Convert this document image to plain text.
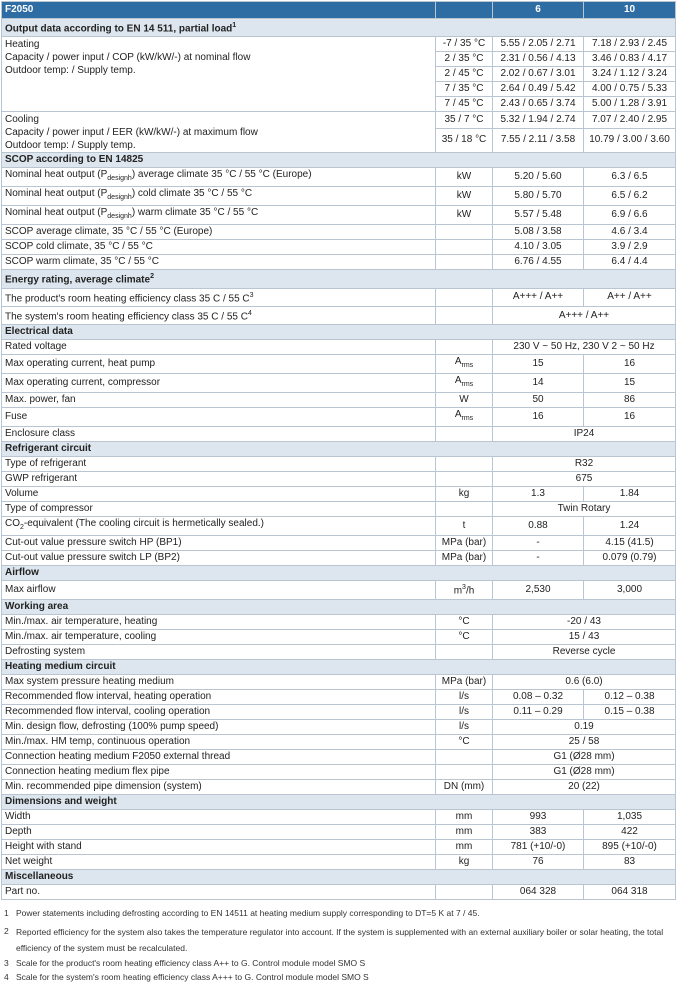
F2050		6	10
Output data according to EN 14 511, partial load$^1$

Heating
Capacity / power input / COP (kW/kW/-) at nominal flow
Outdoor temp: / Supply temp.	-7 / 35 °C	5.55 / 2.05 / 2.71	7.18 / 2.93 / 2.45
	2 / 35 °C	2.31 / 0.56 / 4.13	3.46 / 0.83 / 4.17
	2 / 45 °C	2.02 / 0.67 / 3.01	3.24 / 1.12 / 3.24
	7 / 35 °C	2.64 / 0.49 / 5.42	4.00 / 0.75 / 5.33
	7 / 45 °C	2.43 / 0.65 / 3.74	5.00 / 1.28 / 3.91

Cooling
Capacity / power input / EER (kW/kW/-) at maximum flow
Outdoor temp: / Supply temp.	35 / 7 °C	5.32 / 1.94 / 2.74	7.07 / 2.40 / 2.95
	35 / 18 °C	7.55 / 2.11 / 3.58	10.79 / 3.00 / 3.60
SCOP according to EN 14825			
Nominal heat output $(P_{designh})$ average climate 35 °C / 55 °C (Europe)	kW	5.20 / 5.60	6.3 / 6.5
Nominal heat output $(P_{designh})$ cold climate 35 °C / 55 °C	kW	5.80 / 5.70	6.5 / 6.2
Nominal heat output $(P_{designh})$ warm climate 35 °C / 55 °C	kW	5.57 / 5.48	6.9 / 6.6
SCOP average climate, 35 °C / 55 °C (Europe)		5.08 / 3.58	4.6 / 3.4
SCOP cold climate, 35 °C / 55 °C		4.10 / 3.05	3.9 / 2.9
SCOP warm climate, 35 °C / 55 °C		6.76 / 4.55	6.4 / 4.4
Energy rating, average climate$^2$
The product's room heating efficiency class 35 C / 55 $C^3$		A+++ / A++	A++ / A++
The system's room heating efficiency class 35 C / 55 $C^4$		A+++ / A++	
Electrical data			
Rated voltage		230 V ~ 50 Hz, 230 V 2 ~ 50 Hz	
Max operating current, heat pump	$A_{rms}$	15	16
Max operating current, compressor	$A_{rms}$	14	15
Max. power, fan	W	50	86
Fuse	$A_{rms}$	16	16
Enclosure class		IP24	
Refrigerant circuit			
Type of refrigerant		R32	
GWP refrigerant		675	
Volume	kg	1.3	1.84
Type of compressor		Twin Rotary	
$CO_2$-equivalent (The cooling circuit is hermetically sealed.)	t	0.88	1.24
Cut-out value pressure switch HP (BP1)	MPa (bar)	-	4.15 (41.5)
Cut-out value pressure switch LP (BP2)	MPa (bar)	-	0.079 (0.79)
Airflow			
Max airflow	$m^3/h$	2,530	3,000
Working area			
Min./max. air temperature, heating	°C	-20 / 43	
Min./max. air temperature, cooling	°C	15 / 43	
Defrosting system		Reverse cycle	
Heating medium circuit			
Max system pressure heating medium	MPa (bar)	0.6 (6.0)	
Recommended flow interval, heating operation	l/s	0.08 – 0.32	0.12 – 0.38
Recommended flow interval, cooling operation	l/s	0.11 – 0.29	0.15 – 0.38
Min. design flow, defrosting (100% pump speed)	l/s	0.19	
Min./max. HM temp, continuous operation	°C	25 / 58	
Connection heating medium F2050 external thread		G1 (Ø28 mm)	
Connection heating medium flex pipe		G1 (Ø28 mm)	
Min. recommended pipe dimension (system)	DN (mm)	20 (22)	
Dimensions and weight			
Width	mm	993	1,035
Depth	mm	383	422
Height with stand	mm	781 (+10/-0)	895 (+10/-0)
Net weight	kg	76	83
Miscellaneous			
Part no.		064 328	064 318
1 Power statements including defrosting according to EN 14511 at heating medium supply corresponding to DT=5 K at 7 / 45.
2 Reported efficiency for the system also takes the temperature regulator into account. If the system is supplemented with an external auxiliary boiler or solar heating, the total efficiency of the system must be recalculated.
3 Scale for the product's room heating efficiency class A++ to G. Control module model SMO S
4 Scale for the system's room heating efficiency class A+++ to G. Control module model SMO S
